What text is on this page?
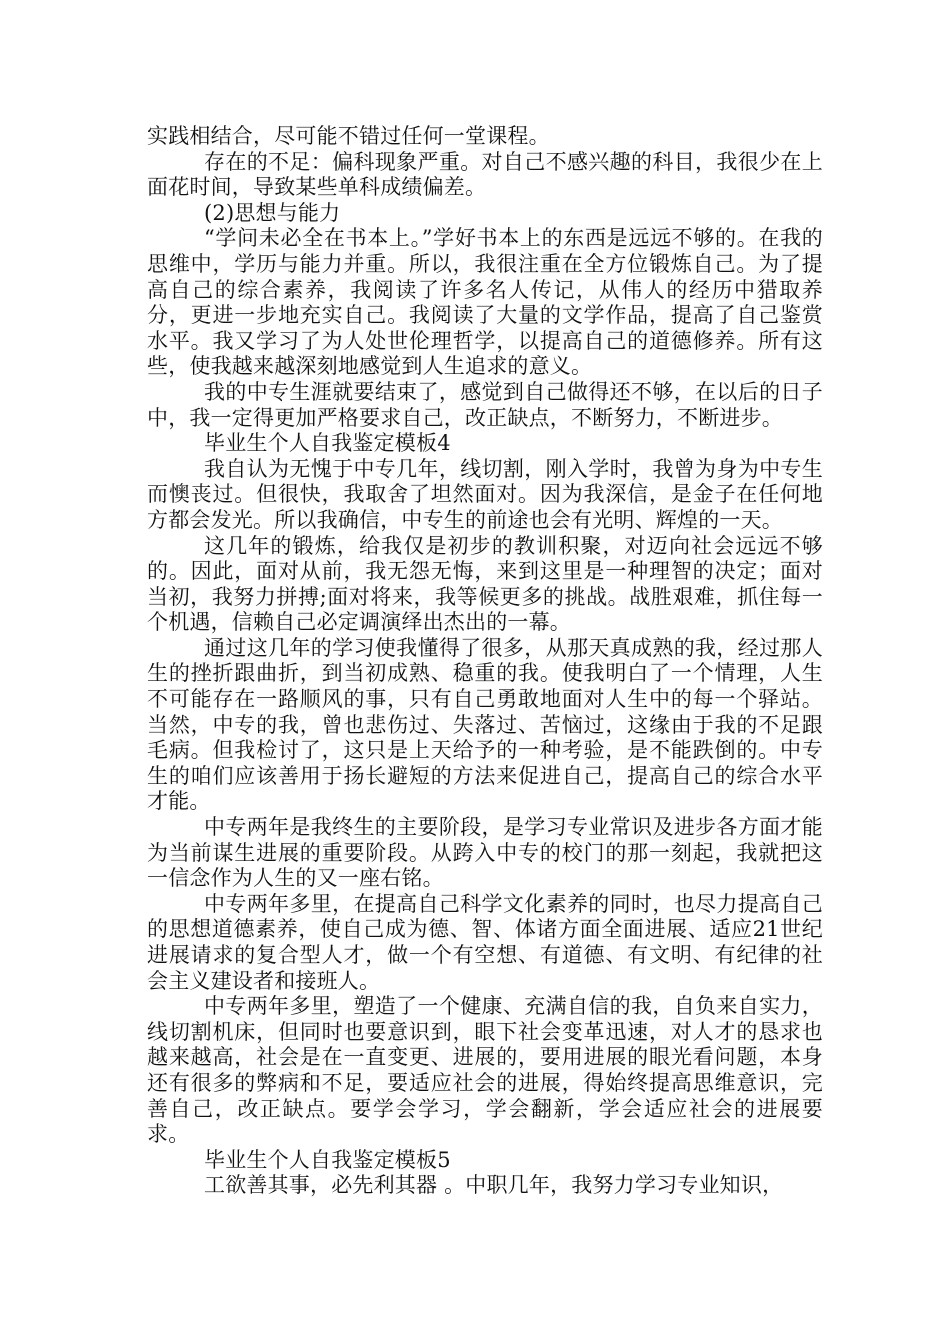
实践相结合，尽可能不错过任何一堂课程。

存在的不足：偏科现象严重。对自己不感兴趣的科目，我很少在上面花时间，导致某些单科成绩偏差。

(2)思想与能力

“学问未必全在书本上。”学好书本上的东西是远远不够的。在我的思维中，学历与能力并重。所以，我很注重在全方位锻炼自己。为了提高自己的综合素养，我阅读了许多名人传记，从伟人的经历中猎取养分，更进一步地充实自己。我阅读了大量的文学作品，提高了自己鉴赏水平。我又学习了为人处世伦理哲学，以提高自己的道德修养。所有这些，使我越来越深刻地感觉到人生追求的意义。

我的中专生涯就要结束了，感觉到自己做得还不够，在以后的日子中，我一定得更加严格要求自己，改正缺点，不断努力，不断进步。

毕业生个人自我鉴定模板4

我自认为无愧于中专几年，线切割，刚入学时，我曾为身为中专生而懊丧过。但很快，我取舍了坦然面对。因为我深信，是金子在任何地方都会发光。所以我确信，中专生的前途也会有光明、辉煌的一天。

这几年的锻炼，给我仅是初步的教训积聚，对迈向社会远远不够的。因此，面对从前，我无怨无悔，来到这里是一种理智的决定；面对当初，我努力拼搏;面对将来，我等候更多的挑战。战胜艰难，抓住每一个机遇，信赖自己必定调演绎出杰出的一幕。

通过这几年的学习使我懂得了很多，从那天真成熟的我，经过那人生的挫折跟曲折，到当初成熟、稳重的我。使我明白了一个情理，人生不可能存在一路顺风的事，只有自己勇敢地面对人生中的每一个驿站。当然，中专的我，曾也悲伤过、失落过、苦恼过，这缘由于我的不足跟毛病。但我检讨了，这只是上天给予的一种考验，是不能跌倒的。中专生的咱们应该善用于扬长避短的方法来促进自己，提高自己的综合水平才能。

中专两年是我终生的主要阶段，是学习专业常识及进步各方面才能为当前谋生进展的重要阶段。从跨入中专的校门的那一刻起，我就把这一信念作为人生的又一座右铭。

中专两年多里，在提高自己科学文化素养的同时，也尽力提高自己的思想道德素养，使自己成为德、智、体诸方面全面进展、适应21世纪进展请求的复合型人才，做一个有空想、有道德、有文明、有纪律的社会主义建设者和接班人。

中专两年多里，塑造了一个健康、充满自信的我，自负来自实力，线切割机床，但同时也要意识到，眼下社会变革迅速，对人才的恳求也越来越高，社会是在一直变更、进展的，要用进展的眼光看问题，本身还有很多的弊病和不足，要适应社会的进展，得始终提高思维意识，完善自己，改正缺点。要学会学习，学会翻新，学会适应社会的进展要求。

毕业生个人自我鉴定模板5

工欲善其事，必先利其器 。中职几年，我努力学习专业知识，
